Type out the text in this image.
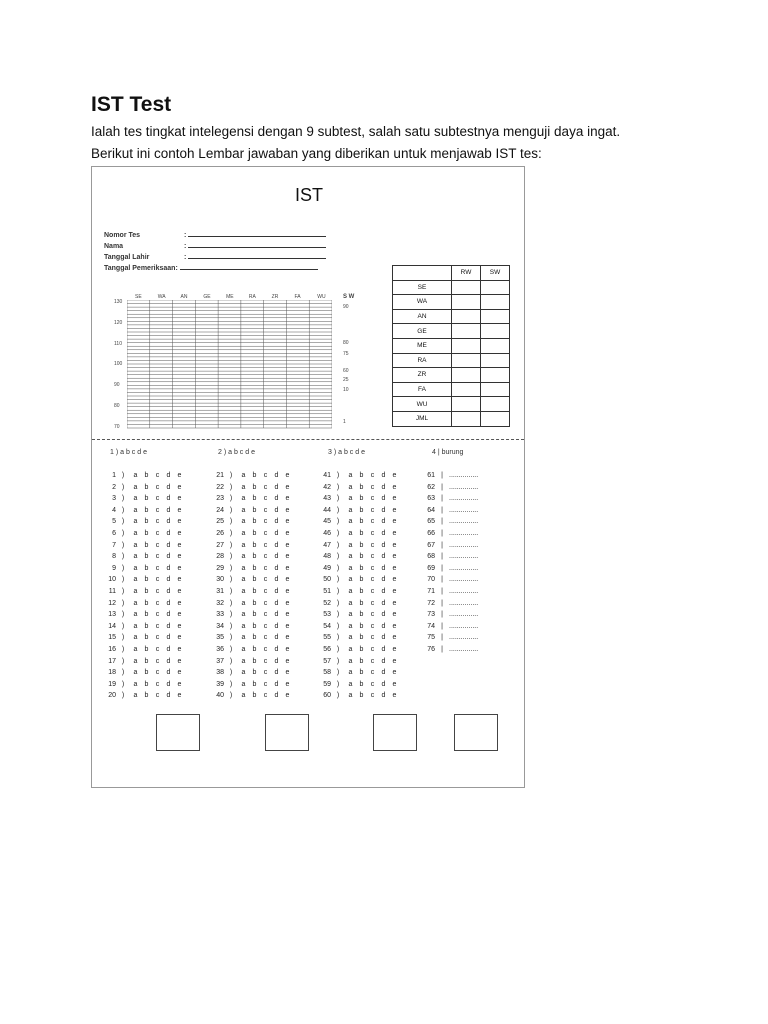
IST Test
Ialah tes tingkat intelegensi dengan 9 subtest, salah satu subtestnya menguji daya ingat.
Berikut ini contoh Lembar jawaban yang diberikan untuk menjawab IST tes:
IST
Nomor Tes	:
Nama	:
Tanggal Lahir	:
Tanggal Pemeriksaan:
SE	WA	AN	GE	ME	RA	ZR	FA	WU	S W
130
120
110
100
90
80
70
90
80
75
60
25
10
1
	RW	SW
SE		
WA		
AN		
GE		
ME		
RA		
ZR		
FA		
WU		
JML		
1 ) a b c d e	2 ) a b c d e	3 ) a b c d e	4 | burung
1 ) a b c d e
2 ) a b c d e
3 ) a b c d e
4 ) a b c d e
5 ) a b c d e
6 ) a b c d e
7 ) a b c d e
8 ) a b c d e
9 ) a b c d e
10 ) a b c d e
11 ) a b c d e
12 ) a b c d e
13 ) a b c d e
14 ) a b c d e
15 ) a b c d e
16 ) a b c d e
17 ) a b c d e
18 ) a b c d e
19 ) a b c d e
20 ) a b c d e
21 ) a b c d e
22 ) a b c d e
23 ) a b c d e
24 ) a b c d e
25 ) a b c d e
26 ) a b c d e
27 ) a b c d e
28 ) a b c d e
29 ) a b c d e
30 ) a b c d e
31 ) a b c d e
32 ) a b c d e
33 ) a b c d e
34 ) a b c d e
35 ) a b c d e
36 ) a b c d e
37 ) a b c d e
38 ) a b c d e
39 ) a b c d e
40 ) a b c d e
41 ) a b c d e
42 ) a b c d e
43 ) a b c d e
44 ) a b c d e
45 ) a b c d e
46 ) a b c d e
47 ) a b c d e
48 ) a b c d e
49 ) a b c d e
50 ) a b c d e
51 ) a b c d e
52 ) a b c d e
53 ) a b c d e
54 ) a b c d e
55 ) a b c d e
56 ) a b c d e
57 ) a b c d e
58 ) a b c d e
59 ) a b c d e
60 ) a b c d e
61 | ...............
62 | ...............
63 | ...............
64 | ...............
65 | ...............
66 | ...............
67 | ...............
68 | ...............
69 | ...............
70 | ...............
71 | ...............
72 | ...............
73 | ...............
74 | ...............
75 | ...............
76 | ...............
